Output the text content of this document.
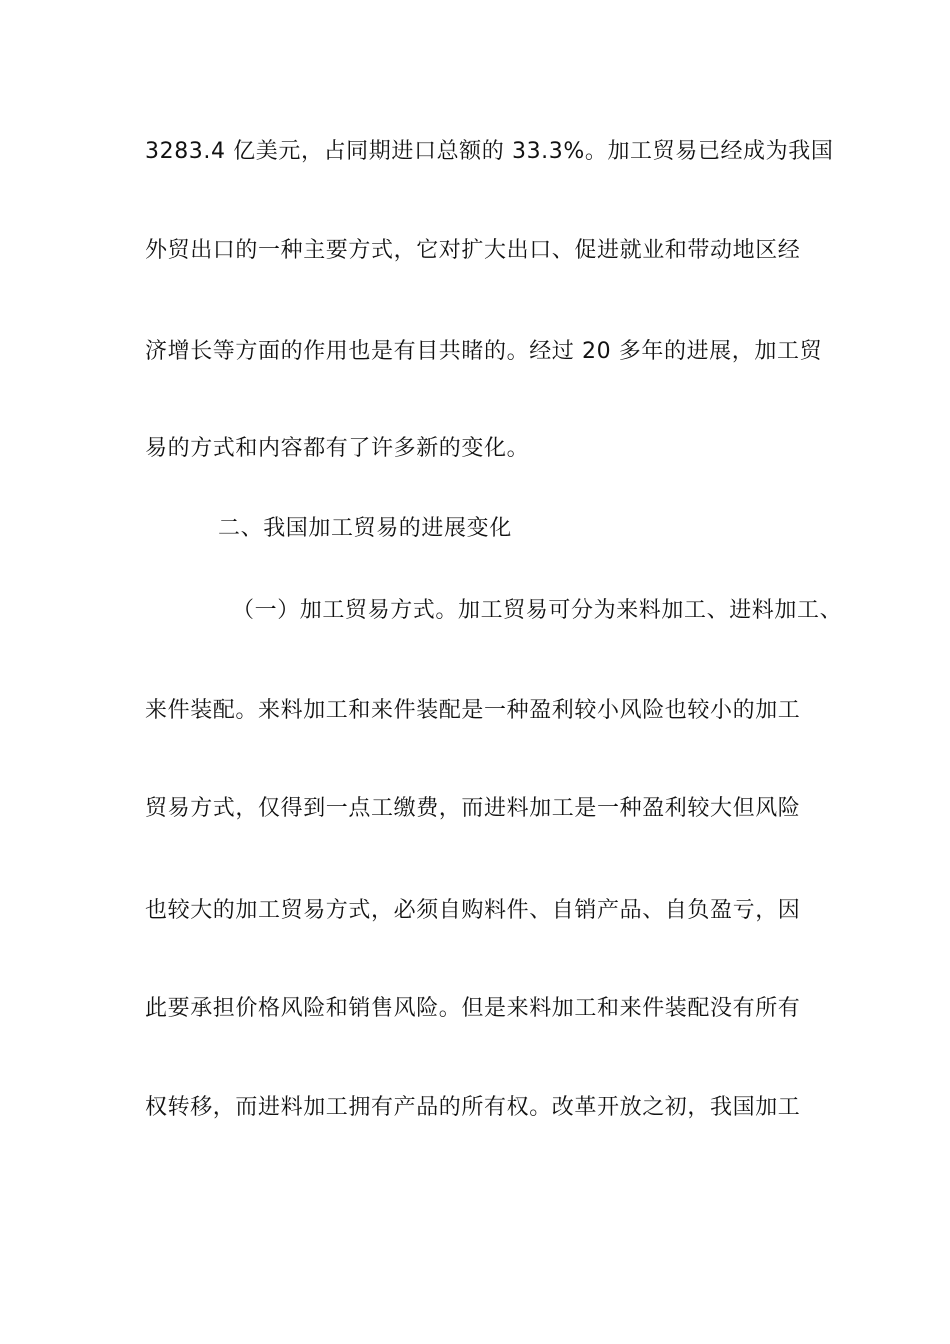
3283.4 亿美元，占同期进口总额的 33.3%。加工贸易已经成为我国
外贸出口的一种主要方式，它对扩大出口、促进就业和带动地区经
济增长等方面的作用也是有目共睹的。经过 20 多年的进展，加工贸
易的方式和内容都有了许多新的变化。
二、我国加工贸易的进展变化
（一）加工贸易方式。加工贸易可分为来料加工、进料加工、
来件装配。来料加工和来件装配是一种盈利较小风险也较小的加工
贸易方式，仅得到一点工缴费，而进料加工是一种盈利较大但风险
也较大的加工贸易方式，必须自购料件、自销产品、自负盈亏，因
此要承担价格风险和销售风险。但是来料加工和来件装配没有所有
权转移，而进料加工拥有产品的所有权。改革开放之初，我国加工
